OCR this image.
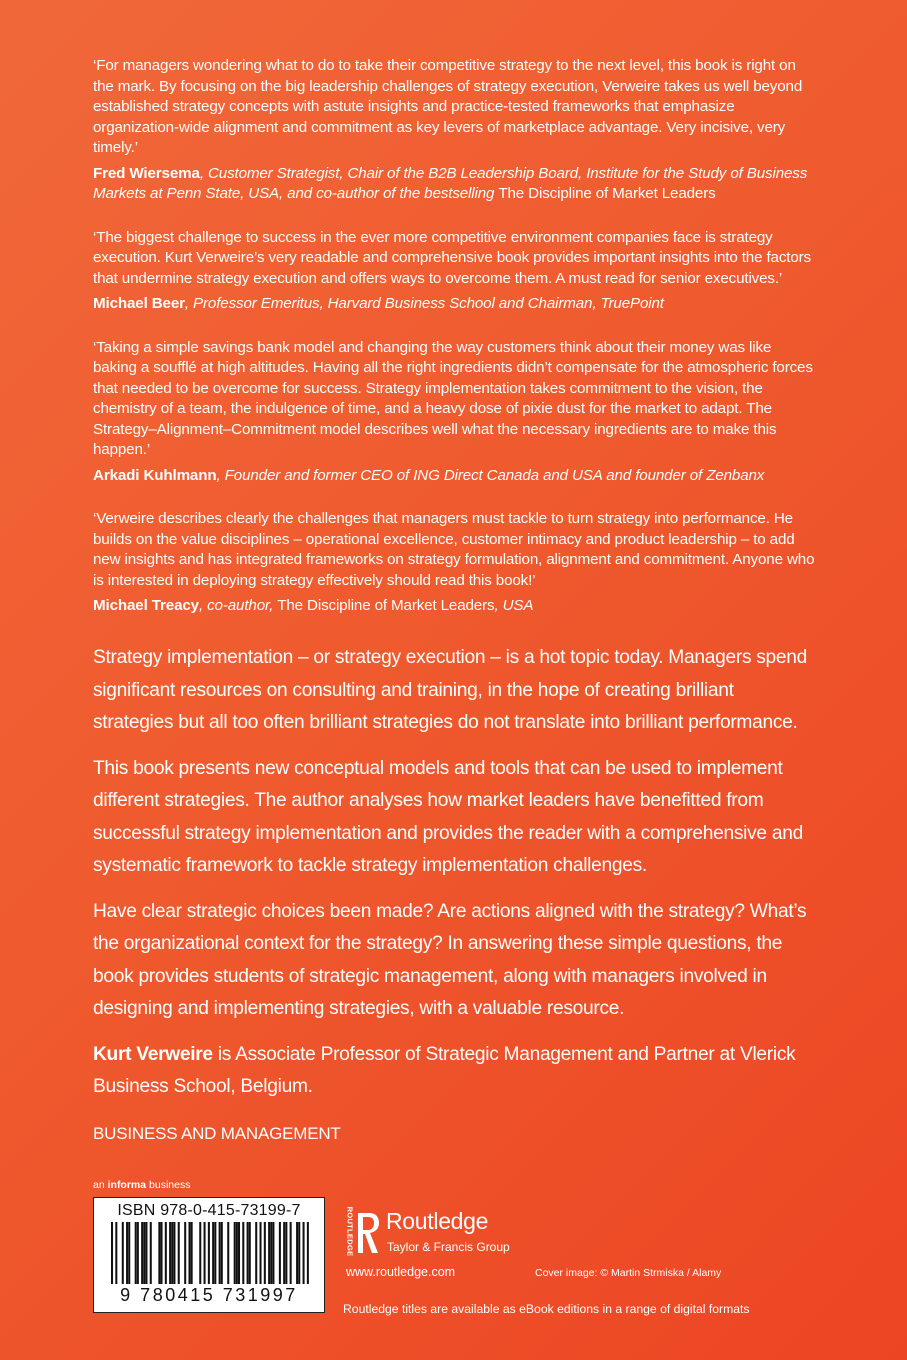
‘For managers wondering what to do to take their competitive strategy to the next level, this book is right on the mark. By focusing on the big leadership challenges of strategy execution, Verweire takes us well beyond established strategy concepts with astute insights and practice-tested frameworks that emphasize organization-wide alignment and commitment as key levers of marketplace advantage. Very incisive, very timely.’

Fred Wiersema, Customer Strategist, Chair of the B2B Leadership Board, Institute for the Study of Business Markets at Penn State, USA, and co-author of the bestselling The Discipline of Market Leaders

‘The biggest challenge to success in the ever more competitive environment companies face is strategy execution. Kurt Verweire’s very readable and comprehensive book provides important insights into the factors that undermine strategy execution and offers ways to overcome them. A must read for senior executives.’

Michael Beer, Professor Emeritus, Harvard Business School and Chairman, TruePoint

‘Taking a simple savings bank model and changing the way customers think about their money was like baking a soufflé at high altitudes. Having all the right ingredients didn’t compensate for the atmospheric forces that needed to be overcome for success. Strategy implementation takes commitment to the vision, the chemistry of a team, the indulgence of time, and a heavy dose of pixie dust for the market to adapt. The Strategy–Alignment–Commitment model describes well what the necessary ingredients are to make this happen.’

Arkadi Kuhlmann, Founder and former CEO of ING Direct Canada and USA and founder of Zenbanx

‘Verweire describes clearly the challenges that managers must tackle to turn strategy into performance. He builds on the value disciplines – operational excellence, customer intimacy and product leadership – to add new insights and has integrated frameworks on strategy formulation, alignment and commitment. Anyone who is interested in deploying strategy effectively should read this book!’

Michael Treacy, co-author, The Discipline of Market Leaders, USA

Strategy implementation – or strategy execution – is a hot topic today. Managers spend significant resources on consulting and training, in the hope of creating brilliant strategies but all too often brilliant strategies do not translate into brilliant performance.

This book presents new conceptual models and tools that can be used to implement different strategies. The author analyses how market leaders have benefitted from successful strategy implementation and provides the reader with a comprehensive and systematic framework to tackle strategy implementation challenges.

Have clear strategic choices been made? Are actions aligned with the strategy? What’s the organizational context for the strategy? In answering these simple questions, the book provides students of strategic management, along with managers involved in designing and implementing strategies, with a valuable resource.

Kurt Verweire is Associate Professor of Strategic Management and Partner at Vlerick Business School, Belgium.

BUSINESS AND MANAGEMENT
an informa business
ISBN 978-0-415-73199-7
9 780415 731997
ROUTLEDGE Routledge
Taylor & Francis Group
www.routledge.com	Cover image: © Martin Strmiska / Alamy
Routledge titles are available as eBook editions in a range of digital formats
